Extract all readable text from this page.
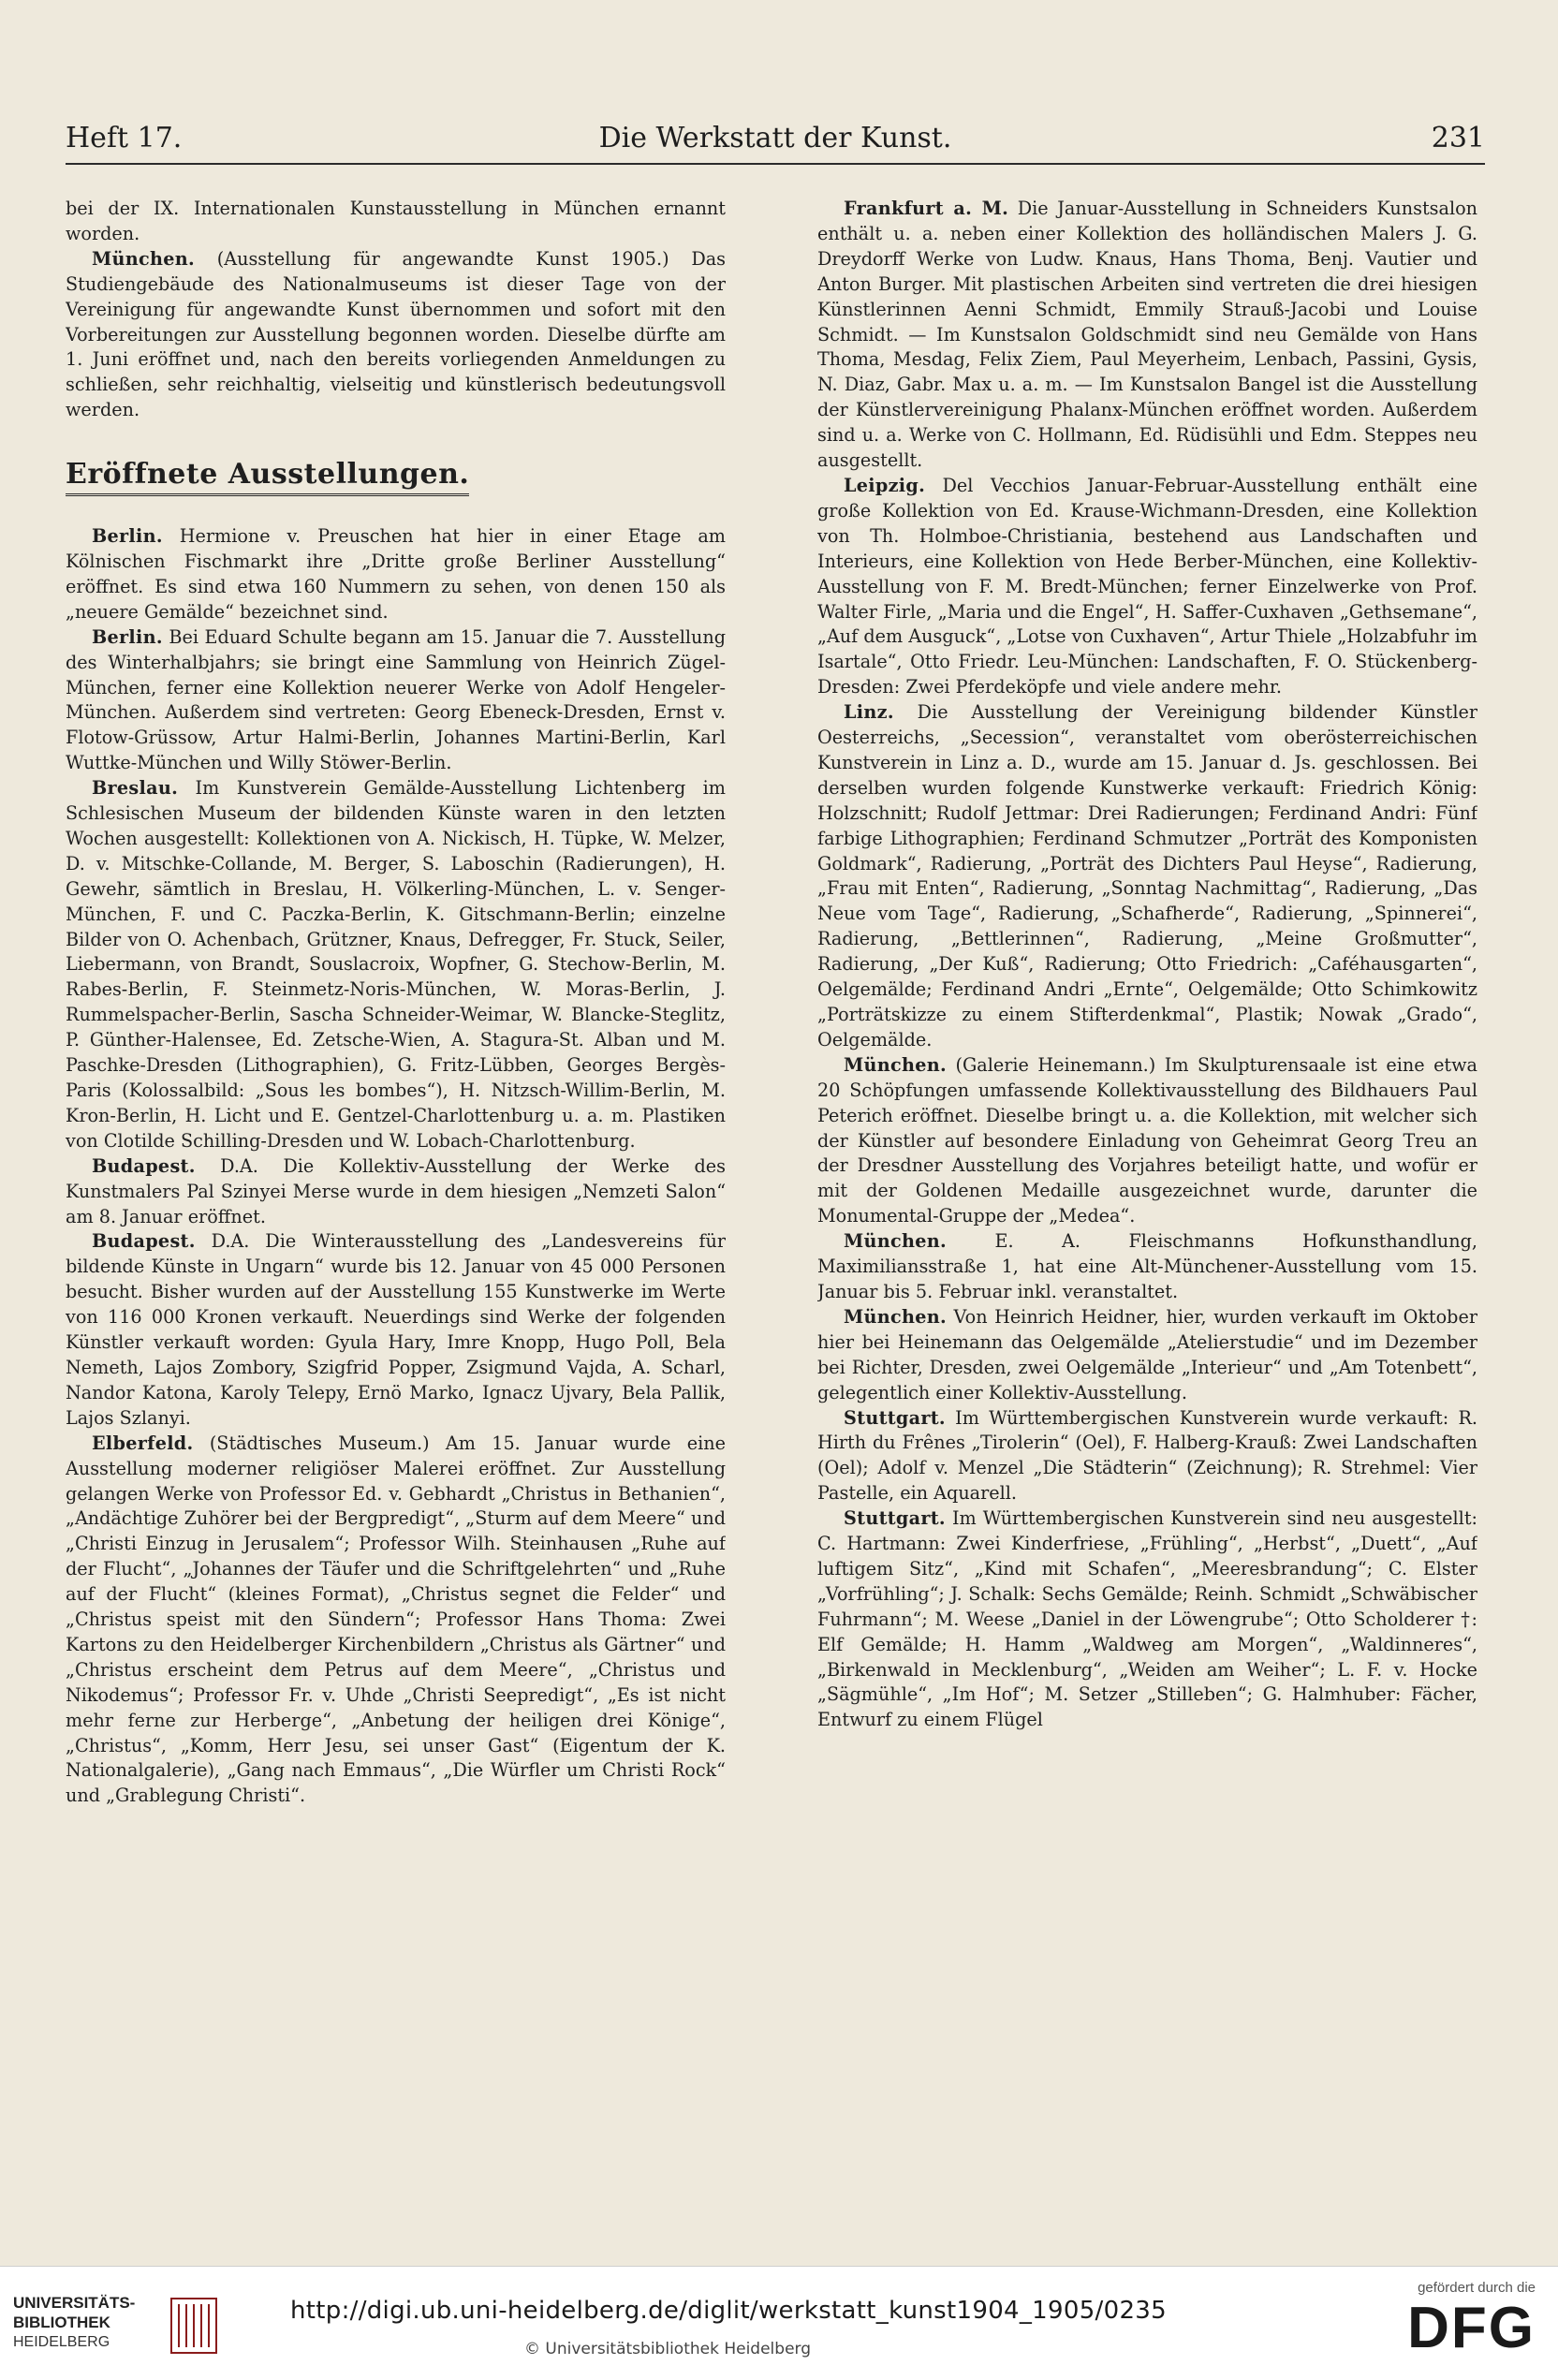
Heft 17.	Die Werkstatt der Kunst.	231

bei der IX. Internationalen Kunstausstellung in München ernannt worden.

München. (Ausstellung für angewandte Kunst 1905.) Das Studiengebäude des Nationalmuseums ist dieser Tage von der Vereinigung für angewandte Kunst übernommen und sofort mit den Vorbereitungen zur Ausstellung begonnen worden. Dieselbe dürfte am 1. Juni eröffnet und, nach den bereits vorliegenden Anmeldungen zu schließen, sehr reichhaltig, vielseitig und künstlerisch bedeutungsvoll werden.

Eröffnete Ausstellungen.

Berlin. Hermione v. Preuschen hat hier in einer Etage am Kölnischen Fischmarkt ihre „Dritte große Berliner Ausstellung“ eröffnet. Es sind etwa 160 Nummern zu sehen, von denen 150 als „neuere Gemälde“ bezeichnet sind.

Berlin. Bei Eduard Schulte begann am 15. Januar die 7. Ausstellung des Winterhalbjahrs; sie bringt eine Sammlung von Heinrich Zügel-München, ferner eine Kollektion neuerer Werke von Adolf Hengeler-München. Außerdem sind vertreten: Georg Ebeneck-Dresden, Ernst v. Flotow-Grüssow, Artur Halmi-Berlin, Johannes Martini-Berlin, Karl Wuttke-München und Willy Stöwer-Berlin.

Breslau. Im Kunstverein Gemälde-Ausstellung Lichtenberg im Schlesischen Museum der bildenden Künste waren in den letzten Wochen ausgestellt: Kollektionen von A. Nickisch, H. Tüpke, W. Melzer, D. v. Mitschke-Collande, M. Berger, S. Laboschin (Radierungen), H. Gewehr, sämtlich in Breslau, H. Völkerling-München, L. v. Senger-München, F. und C. Paczka-Berlin, K. Gitschmann-Berlin; einzelne Bilder von O. Achenbach, Grützner, Knaus, Defregger, Fr. Stuck, Seiler, Liebermann, von Brandt, Souslacroix, Wopfner, G. Stechow-Berlin, M. Rabes-Berlin, F. Steinmetz-Noris-München, W. Moras-Berlin, J. Rummelspacher-Berlin, Sascha Schneider-Weimar, W. Blancke-Steglitz, P. Günther-Halensee, Ed. Zetsche-Wien, A. Stagura-St. Alban und M. Paschke-Dresden (Lithographien), G. Fritz-Lübben, Georges Bergès-Paris (Kolossalbild: „Sous les bombes“), H. Nitzsch-Willim-Berlin, M. Kron-Berlin, H. Licht und E. Gentzel-Charlottenburg u. a. m. Plastiken von Clotilde Schilling-Dresden und W. Lobach-Charlottenburg.

Budapest. D.A. Die Kollektiv-Ausstellung der Werke des Kunstmalers Pal Szinyei Merse wurde in dem hiesigen „Nemzeti Salon“ am 8. Januar eröffnet.

Budapest. D.A. Die Winterausstellung des „Landesvereins für bildende Künste in Ungarn“ wurde bis 12. Januar von 45 000 Personen besucht. Bisher wurden auf der Ausstellung 155 Kunstwerke im Werte von 116 000 Kronen verkauft. Neuerdings sind Werke der folgenden Künstler verkauft worden: Gyula Hary, Imre Knopp, Hugo Poll, Bela Nemeth, Lajos Zombory, Szigfrid Popper, Zsigmund Vajda, A. Scharl, Nandor Katona, Karoly Telepy, Ernö Marko, Ignacz Ujvary, Bela Pallik, Lajos Szlanyi.

Elberfeld. (Städtisches Museum.) Am 15. Januar wurde eine Ausstellung moderner religiöser Malerei eröffnet. Zur Ausstellung gelangen Werke von Professor Ed. v. Gebhardt „Christus in Bethanien“, „Andächtige Zuhörer bei der Bergpredigt“, „Sturm auf dem Meere“ und „Christi Einzug in Jerusalem“; Professor Wilh. Steinhausen „Ruhe auf der Flucht“, „Johannes der Täufer und die Schriftgelehrten“ und „Ruhe auf der Flucht“ (kleines Format), „Christus segnet die Felder“ und „Christus speist mit den Sündern“; Professor Hans Thoma: Zwei Kartons zu den Heidelberger Kirchenbildern „Christus als Gärtner“ und „Christus erscheint dem Petrus auf dem Meere“, „Christus und Nikodemus“; Professor Fr. v. Uhde „Christi Seepredigt“, „Es ist nicht mehr ferne zur Herberge“, „Anbetung der heiligen drei Könige“, „Christus“, „Komm, Herr Jesu, sei unser Gast“ (Eigentum der K. Nationalgalerie), „Gang nach Emmaus“, „Die Würfler um Christi Rock“ und „Grablegung Christi“.

Frankfurt a. M. Die Januar-Ausstellung in Schneiders Kunstsalon enthält u. a. neben einer Kollektion des holländischen Malers J. G. Dreydorff Werke von Ludw. Knaus, Hans Thoma, Benj. Vautier und Anton Burger. Mit plastischen Arbeiten sind vertreten die drei hiesigen Künstlerinnen Aenni Schmidt, Emmily Strauß-Jacobi und Louise Schmidt. — Im Kunstsalon Goldschmidt sind neu Gemälde von Hans Thoma, Mesdag, Felix Ziem, Paul Meyerheim, Lenbach, Passini, Gysis, N. Diaz, Gabr. Max u. a. m. — Im Kunstsalon Bangel ist die Ausstellung der Künstlervereinigung Phalanx-München eröffnet worden. Außerdem sind u. a. Werke von C. Hollmann, Ed. Rüdisühli und Edm. Steppes neu ausgestellt.

Leipzig. Del Vecchios Januar-Februar-Ausstellung enthält eine große Kollektion von Ed. Krause-Wichmann-Dresden, eine Kollektion von Th. Holmboe-Christiania, bestehend aus Landschaften und Interieurs, eine Kollektion von Hede Berber-München, eine Kollektiv-Ausstellung von F. M. Bredt-München; ferner Einzelwerke von Prof. Walter Firle, „Maria und die Engel“, H. Saffer-Cuxhaven „Gethsemane“, „Auf dem Ausguck“, „Lotse von Cuxhaven“, Artur Thiele „Holzabfuhr im Isartale“, Otto Friedr. Leu-München: Landschaften, F. O. Stückenberg-Dresden: Zwei Pferdeköpfe und viele andere mehr.

Linz. Die Ausstellung der Vereinigung bildender Künstler Oesterreichs, „Secession“, veranstaltet vom oberösterreichischen Kunstverein in Linz a. D., wurde am 15. Januar d. Js. geschlossen. Bei derselben wurden folgende Kunstwerke verkauft: Friedrich König: Holzschnitt; Rudolf Jettmar: Drei Radierungen; Ferdinand Andri: Fünf farbige Lithographien; Ferdinand Schmutzer „Porträt des Komponisten Goldmark“, Radierung, „Porträt des Dichters Paul Heyse“, Radierung, „Frau mit Enten“, Radierung, „Sonntag Nachmittag“, Radierung, „Das Neue vom Tage“, Radierung, „Schafherde“, Radierung, „Spinnerei“, Radierung, „Bettlerinnen“, Radierung, „Meine Großmutter“, Radierung, „Der Kuß“, Radierung; Otto Friedrich: „Caféhausgarten“, Oelgemälde; Ferdinand Andri „Ernte“, Oelgemälde; Otto Schimkowitz „Porträtskizze zu einem Stifterdenkmal“, Plastik; Nowak „Grado“, Oelgemälde.

München. (Galerie Heinemann.) Im Skulpturensaale ist eine etwa 20 Schöpfungen umfassende Kollektivausstellung des Bildhauers Paul Peterich eröffnet. Dieselbe bringt u. a. die Kollektion, mit welcher sich der Künstler auf besondere Einladung von Geheimrat Georg Treu an der Dresdner Ausstellung des Vorjahres beteiligt hatte, und wofür er mit der Goldenen Medaille ausgezeichnet wurde, darunter die Monumental-Gruppe der „Medea“.

München. E. A. Fleischmanns Hofkunsthandlung, Maximiliansstraße 1, hat eine Alt-Münchener-Ausstellung vom 15. Januar bis 5. Februar inkl. veranstaltet.

München. Von Heinrich Heidner, hier, wurden verkauft im Oktober hier bei Heinemann das Oelgemälde „Atelierstudie“ und im Dezember bei Richter, Dresden, zwei Oelgemälde „Interieur“ und „Am Totenbett“, gelegentlich einer Kollektiv-Ausstellung.

Stuttgart. Im Württembergischen Kunstverein wurde verkauft: R. Hirth du Frênes „Tirolerin“ (Oel), F. Halberg-Krauß: Zwei Landschaften (Oel); Adolf v. Menzel „Die Städterin“ (Zeichnung); R. Strehmel: Vier Pastelle, ein Aquarell.

Stuttgart. Im Württembergischen Kunstverein sind neu ausgestellt: C. Hartmann: Zwei Kinderfriese, „Frühling“, „Herbst“, „Duett“, „Auf luftigem Sitz“, „Kind mit Schafen“, „Meeresbrandung“; C. Elster „Vorfrühling“; J. Schalk: Sechs Gemälde; Reinh. Schmidt „Schwäbischer Fuhrmann“; M. Weese „Daniel in der Löwengrube“; Otto Scholderer †: Elf Gemälde; H. Hamm „Waldweg am Morgen“, „Waldinneres“, „Birkenwald in Mecklenburg“, „Weiden am Weiher“; L. F. v. Hocke „Sägmühle“, „Im Hof“; M. Setzer „Stilleben“; G. Halmhuber: Fächer, Entwurf zu einem Flügel

UNIVERSITÄTS-
BIBLIOTHEK
HEIDELBERG
http://digi.ub.uni-heidelberg.de/diglit/werkstatt_kunst1904_1905/0235
© Universitätsbibliothek Heidelberg
gefördert durch die
DFG
